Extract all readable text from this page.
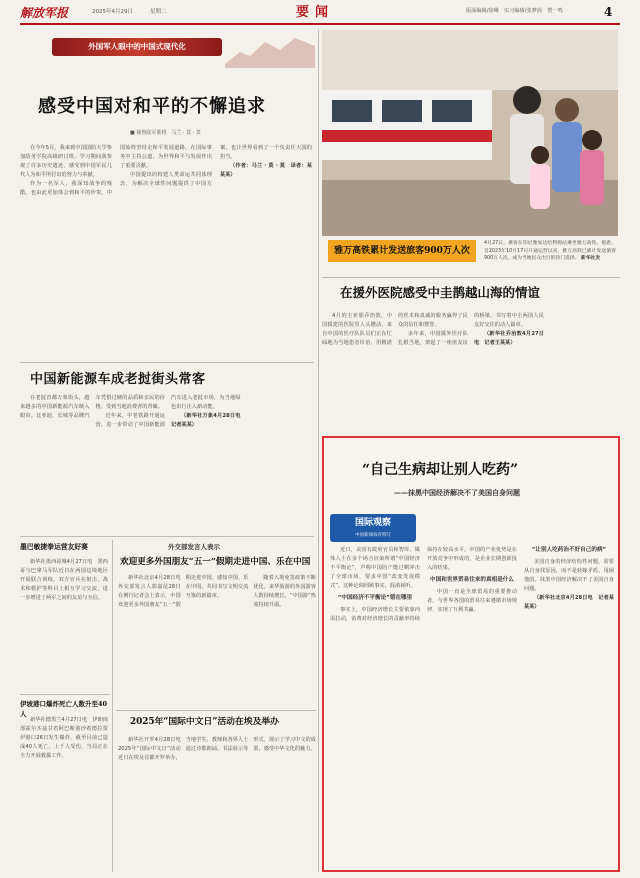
解放军报	2025年4月29日	星期二	要闻	版面编辑/徐琳　实习编辑/张梦茜　赞一鸣	4
外国军人眼中的中国式现代化
感受中国对和平的不懈追求
■ 秘鲁陆军准将　马兰 · 莫 · 莫

在今年5月，我来到中国国防大学参加防务学院高级研讨班，学习期间我参观了许多历史遗迹，感受到中国军民几代人为和平所付出的努力与奉献。

作为一名军人，我深知战争的残酷，也由此更加体会到和平的珍贵。中国始终坚持走和平发展道路，在国际事务中主持公道，为世界和平与发展作出了重要贡献。

中国提出的构建人类命运共同体理念，为解决全球性问题提供了中国方案，也让世界看到了一个负责任大国的担当。

（作者：马兰 · 莫 · 莫　译者：某某某）

雅万高铁累计发送旅客900万人次
4月27日，乘客在印尼雅加达哈利姆站乘坐雅万高铁。据悉，自2023年10月17日开通运营以来，雅万高铁已累计发送旅客900万人次，成为当地民众出行的热门选择。 新华社发
在援外医院感受中圭鹊越山海的情谊

4月的圭亚那乔治敦，中国援建的医院里人头攒动，来自中国的医疗队队员们正在忙碌地为当地患者诊治，用精湛的医术和真诚的服务赢得了民众的信任和赞誉。

多年来，中国援外医疗队扎根当地，架起了一座座友谊的桥梁，书写着中圭两国人民友好交往的动人篇章。

（新华社乔治敦4月27日电　记者王某某）

中国新能源车成老挝街头常客

在老挝首都万象街头，越来越多的中国新能源汽车映入眼帘。比亚迪、长城等品牌汽车凭借过硬的品质和亲民的价格，受到当地消费者的青睐。

近年来，中老铁路开通运营，进一步带动了中国新能源汽车进入老挝市场，为当地绿色出行注入新动能。

（新华社万象4月28日电　记者某某）

墨巴敏捷拳运营友好赛

新华社墨西哥城4月27日电　墨西哥与巴拿马军队近日在两国边境地区开展联合训练，双方官兵在射击、战术和救护等科目上相互学习交流，进一步增进了两军之间的友谊与互信。

伊坡港口爆炸死亡人数升至40人

新华社德黑兰4月27日电　伊朗南部霍尔木兹甘省阿巴斯港沙希德拉贾伊港口26日发生爆炸，截至目前已造成40人死亡，上千人受伤，当局正在全力开展救援工作。

外交部发言人表示
欢迎更多外国朋友“五一”假期走进中国、乐在中国

新华社北京4月28日电　外交部发言人郭嘉昆28日在例行记者会上表示，中国欢迎更多外国朋友“五一”假期走进中国、感知中国、乐在中国，共同书写文明交流互鉴的新篇章。

随着入境免签政策不断优化，来华旅游的外国游客人数持续增长，“中国游”热度持续升温。

2025年“国际中文日”活动在埃及举办

新华社开罗4月28日电　2025年“国际中文日”活动近日在埃及首都开罗举办，当地学生、教师和各界人士通过诗歌朗诵、书法展示等形式，展示了学习中文的成果，感受中华文化的魅力。

“自己生病却让别人吃药”
——抹黑中国经济解决不了美国自身问题
国际观察
中国新闻每有特写

近日，美国有政府官员和智库、媒体人士在多个场合渲染所谓“中国经济不平衡论”，声称中国的产能过剩冲击了全球市场，要求中国“改变发展模式”。这种论调罔顾事实，混淆视听。

“中国经济不平衡论”错在哪里

事实上，中国经济增长主要依靠内需拉动，消费对经济增长的贡献率持续保持在较高水平。中国的产业优势是在开放竞争中形成的，是企业长期创新投入的结果。

中国和世界贸易往来的真相是什么

中国一直是全球贸易的重要推动者，与世界各国的贸易往来遵循市场规律，实现了互利共赢。

“让别人吃药治不好自己的病”

美国自身的经济结构性问题，需要从自身找原因，而不是转嫁矛盾、甩锅他国。抹黑中国经济解决不了美国自身问题。

（新华社北京4月28日电　记者某某某）
